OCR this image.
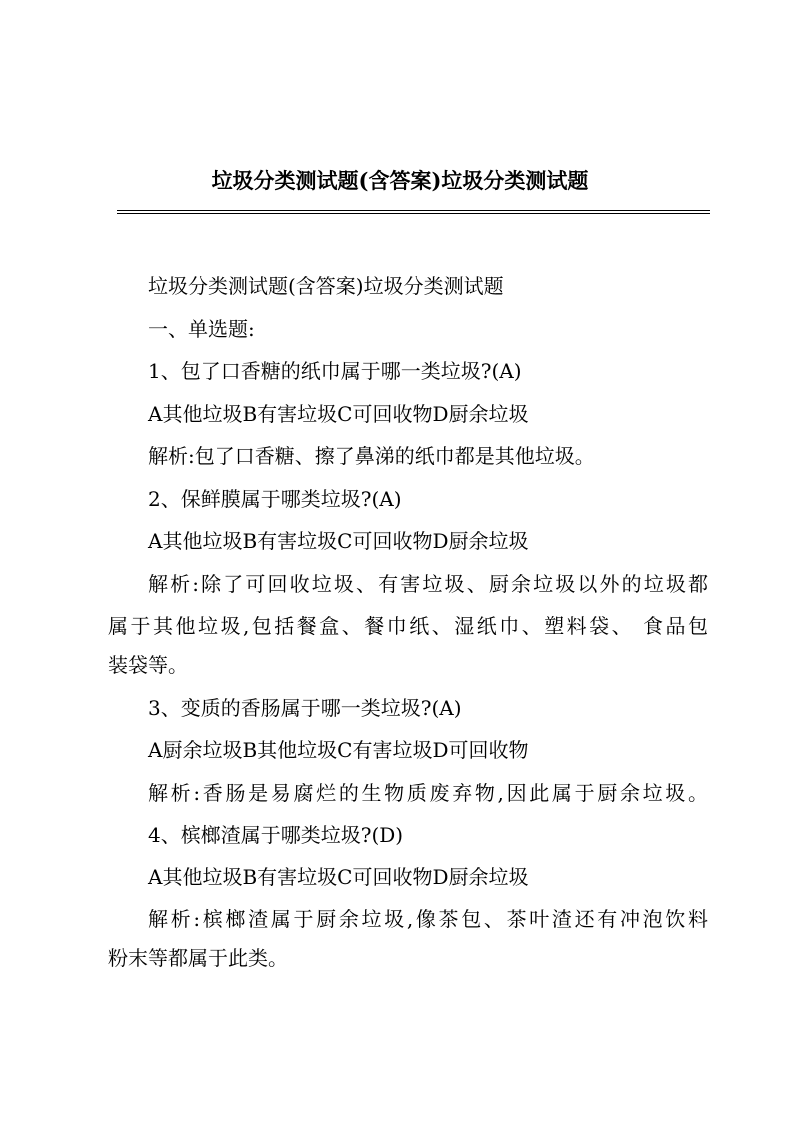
垃圾分类测试题(含答案)垃圾分类测试题
垃圾分类测试题(含答案)垃圾分类测试题
一、单选题:
1、包了口香糖的纸巾属于哪一类垃圾?(A)
A其他垃圾B有害垃圾C可回收物D厨余垃圾
解析:包了口香糖、擦了鼻涕的纸巾都是其他垃圾。
2、保鲜膜属于哪类垃圾?(A)
A其他垃圾B有害垃圾C可回收物D厨余垃圾
解析:除了可回收垃圾、有害垃圾、厨余垃圾以外的垃圾都
属于其他垃圾,包括餐盒、餐巾纸、湿纸巾、塑料袋、 食品包
装袋等。
3、变质的香肠属于哪一类垃圾?(A)
A厨余垃圾B其他垃圾C有害垃圾D可回收物
解析:香肠是易腐烂的生物质废弃物,因此属于厨余垃圾。
4、槟榔渣属于哪类垃圾?(D)
A其他垃圾B有害垃圾C可回收物D厨余垃圾
解析:槟榔渣属于厨余垃圾,像茶包、茶叶渣还有冲泡饮料
粉末等都属于此类。
